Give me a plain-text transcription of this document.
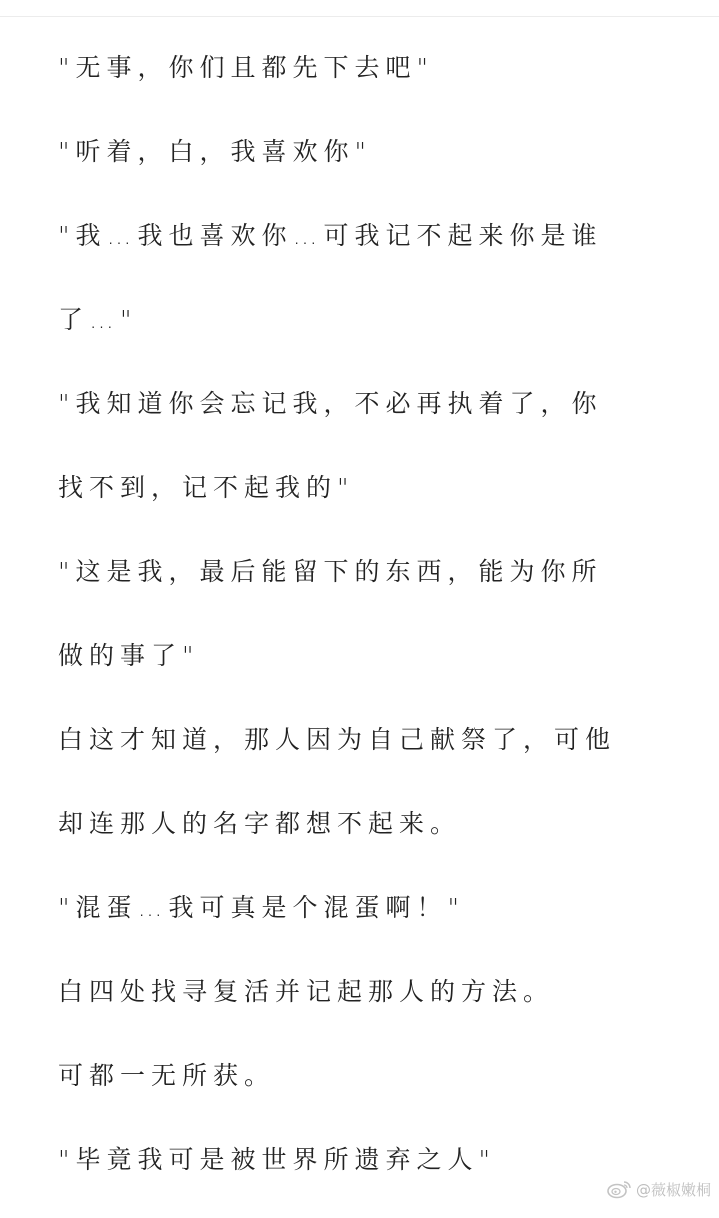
"无事，你们且都先下去吧"
"听着，白，我喜欢你"
"我…我也喜欢你…可我记不起来你是谁
了…"
"我知道你会忘记我，不必再执着了，你
找不到，记不起我的"
"这是我，最后能留下的东西，能为你所
做的事了"
白这才知道，那人因为自己献祭了，可他
却连那人的名字都想不起来。
"混蛋…我可真是个混蛋啊！"
白四处找寻复活并记起那人的方法。
可都一无所获。
"毕竟我可是被世界所遗弃之人"
@薇椒嫩桐
